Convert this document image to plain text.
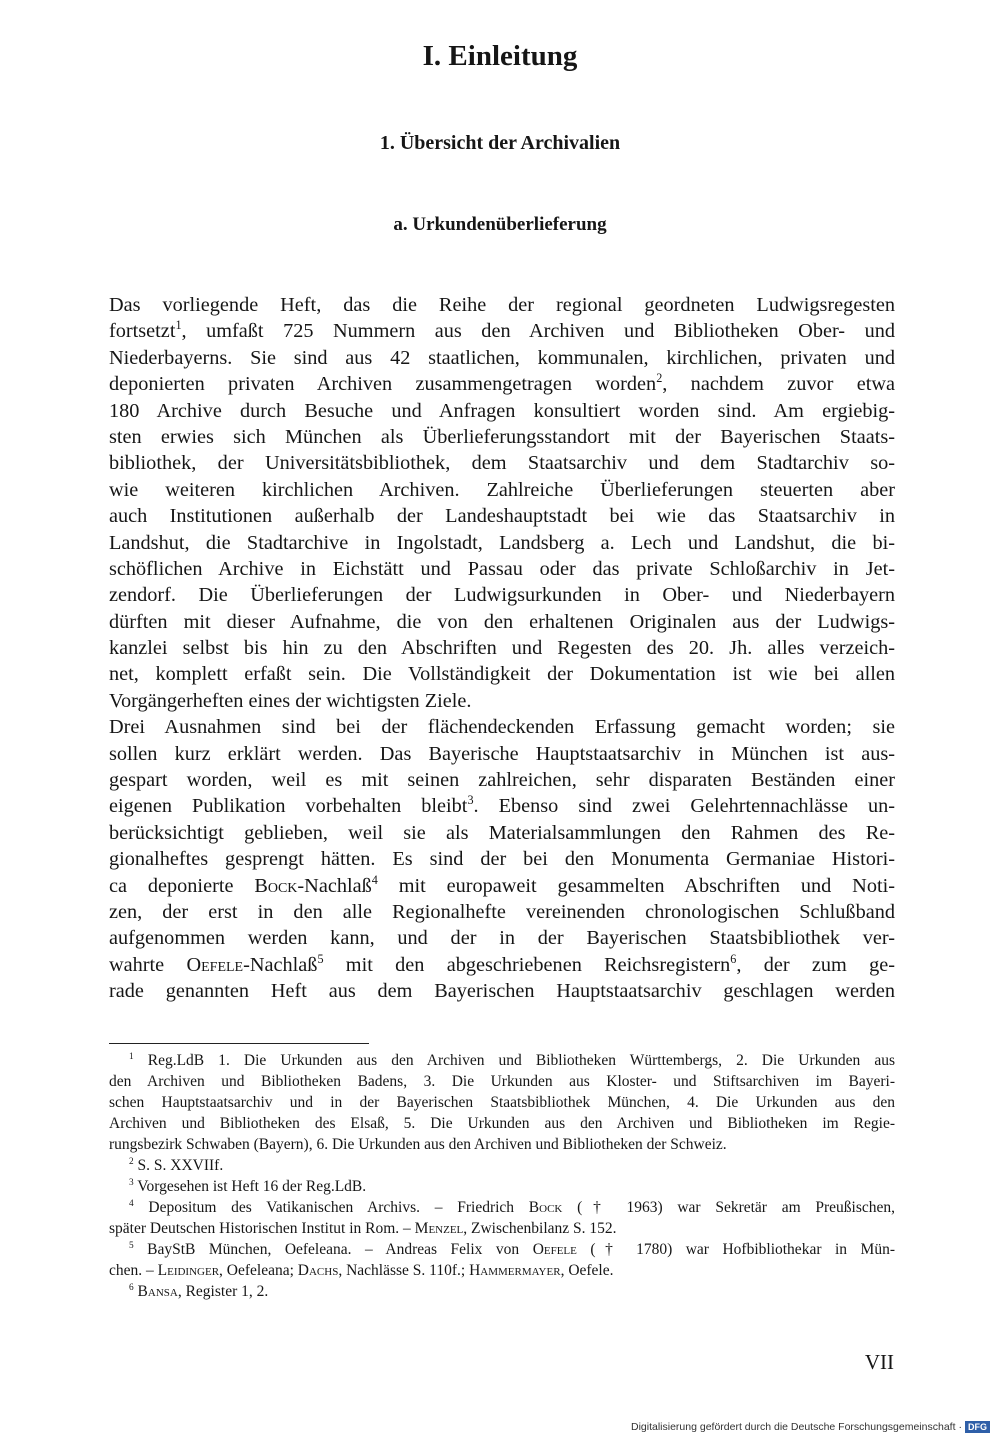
I. Einleitung
1. Übersicht der Archivalien
a. Urkundenüberlieferung
Das vorliegende Heft, das die Reihe der regional geordneten Ludwigsregesten
fortsetzt$^1$, umfaßt 725 Nummern aus den Archiven und Bibliotheken Ober- und
Niederbayerns. Sie sind aus 42 staatlichen, kommunalen, kirchlichen, privaten und
deponierten privaten Archiven zusammengetragen worden$^2$, nachdem zuvor etwa
180 Archive durch Besuche und Anfragen konsultiert worden sind. Am ergiebig-
sten erwies sich München als Überlieferungsstandort mit der Bayerischen Staats-
bibliothek, der Universitätsbibliothek, dem Staatsarchiv und dem Stadtarchiv so-
wie weiteren kirchlichen Archiven. Zahlreiche Überlieferungen steuerten aber
auch Institutionen außerhalb der Landeshauptstadt bei wie das Staatsarchiv in
Landshut, die Stadtarchive in Ingolstadt, Landsberg a. Lech und Landshut, die bi-
schöflichen Archive in Eichstätt und Passau oder das private Schloßarchiv in Jet-
zendorf. Die Überlieferungen der Ludwigsurkunden in Ober- und Niederbayern
dürften mit dieser Aufnahme, die von den erhaltenen Originalen aus der Ludwigs-
kanzlei selbst bis hin zu den Abschriften und Regesten des 20. Jh. alles verzeich-
net, komplett erfaßt sein. Die Vollständigkeit der Dokumentation ist wie bei allen
Vorgängerheften eines der wichtigsten Ziele.
Drei Ausnahmen sind bei der flächendeckenden Erfassung gemacht worden; sie
sollen kurz erklärt werden. Das Bayerische Hauptstaatsarchiv in München ist aus-
gespart worden, weil es mit seinen zahlreichen, sehr disparaten Beständen einer
eigenen Publikation vorbehalten bleibt$^3$. Ebenso sind zwei Gelehrtennachlässe un-
berücksichtigt geblieben, weil sie als Materialsammlungen den Rahmen des Re-
gionalheftes gesprengt hätten. Es sind der bei den Monumenta Germaniae Histori-
ca deponierte Bock-Nachlaß$^4$ mit europaweit gesammelten Abschriften und Noti-
zen, der erst in den alle Regionalhefte vereinenden chronologischen Schlußband
aufgenommen werden kann, und der in der Bayerischen Staatsbibliothek ver-
wahrte Oefele-Nachlaß$^5$ mit den abgeschriebenen Reichsregistern$^6$, der zum ge-
rade genannten Heft aus dem Bayerischen Hauptstaatsarchiv geschlagen werden
$^1$ Reg.LdB 1. Die Urkunden aus den Archiven und Bibliotheken Württembergs, 2. Die Urkunden aus
den Archiven und Bibliotheken Badens, 3. Die Urkunden aus Kloster- und Stiftsarchiven im Bayeri-
schen Hauptstaatsarchiv und in der Bayerischen Staatsbibliothek München, 4. Die Urkunden aus den
Archiven und Bibliotheken des Elsaß, 5. Die Urkunden aus den Archiven und Bibliotheken im Regie-
rungsbezirk Schwaben (Bayern), 6. Die Urkunden aus den Archiven und Bibliotheken der Schweiz.
$^2$ S. S. XXVIIf.
$^3$ Vorgesehen ist Heft 16 der Reg.LdB.
$^4$ Depositum des Vatikanischen Archivs. – Friedrich Bock († 1963) war Sekretär am Preußischen,
später Deutschen Historischen Institut in Rom. – Menzel, Zwischenbilanz S. 152.
$^5$ BayStB München, Oefeleana. – Andreas Felix von Oefele († 1780) war Hofbibliothekar in Mün-
chen. – Leidinger, Oefeleana; Dachs, Nachlässe S. 110f.; Hammermayer, Oefele.
$^6$ Bansa, Register 1, 2.
VII
Digitalisierung gefördert durch die Deutsche Forschungsgemeinschaft · DFG
